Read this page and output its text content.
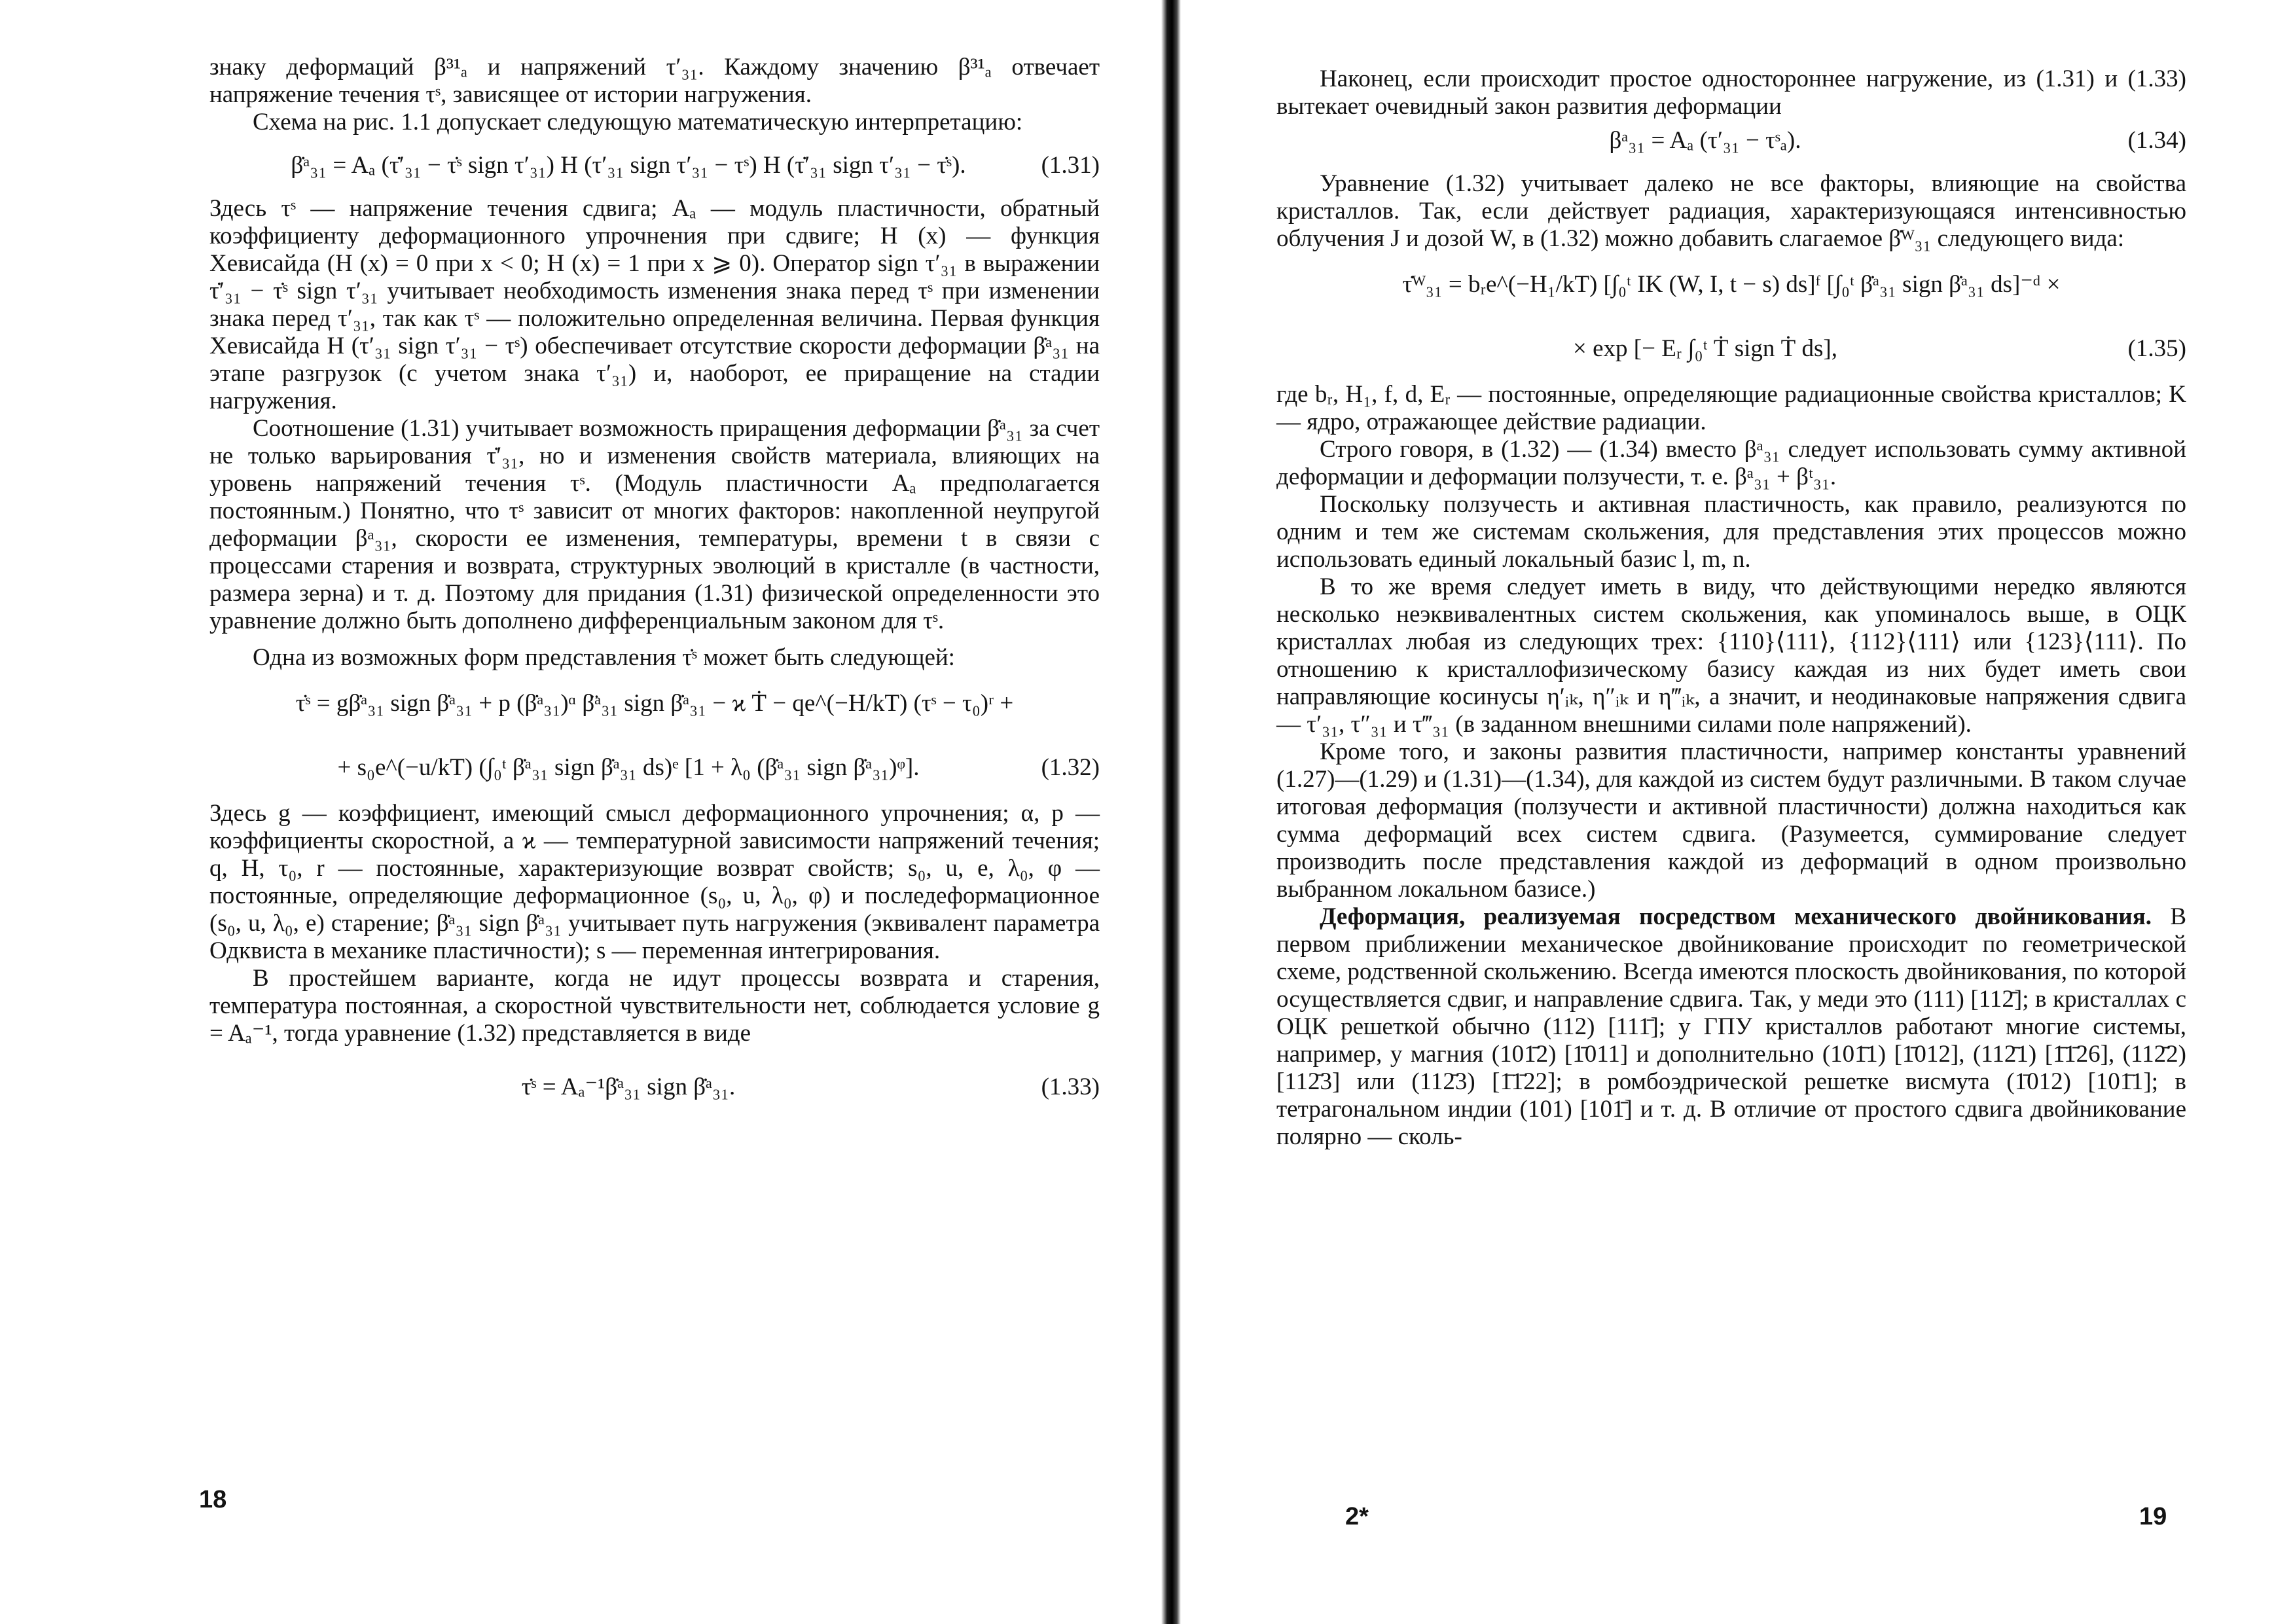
знаку деформаций β³¹ₐ и напряжений τ′₃₁. Каждому значению β³¹ₐ отвечает напряжение течения τˢ, зависящее от истории нагружения.

Схема на рис. 1.1 допускает следующую математическую интерпретацию:

β̇ᵃ₃₁ = Aₐ (τ̇′₃₁ − τ̇ˢ sign τ′₃₁) H (τ′₃₁ sign τ′₃₁ − τˢ) H (τ̇′₃₁ sign τ′₃₁ − τ̇ˢ).	(1.31)

Здесь τˢ — напряжение течения сдвига; Aₐ — модуль пластичности, обратный коэффициенту деформационного упрочнения при сдвиге; H (x) — функция Хевисайда (H (x) = 0 при x < 0; H (x) = 1 при x ⩾ 0). Оператор sign τ′₃₁ в выражении τ̇′₃₁ − τ̇ˢ sign τ′₃₁ учитывает необходимость изменения знака перед τˢ при изменении знака перед τ′₃₁, так как τˢ — положительно определенная величина. Первая функция Хевисайда H (τ′₃₁ sign τ′₃₁ − τˢ) обеспечивает отсутствие скорости деформации β̇ᵃ₃₁ на этапе разгрузок (с учетом знака τ′₃₁) и, наоборот, ее приращение на стадии нагружения.

Соотношение (1.31) учитывает возможность приращения деформации β̇ᵃ₃₁ за счет не только варьирования τ̇′₃₁, но и изменения свойств материала, влияющих на уровень напряжений течения τˢ. (Модуль пластичности Aₐ предполагается постоянным.) Понятно, что τˢ зависит от многих факторов: накопленной неупругой деформации βᵃ₃₁, скорости ее изменения, температуры, времени t в связи с процессами старения и возврата, структурных эволюций в кристалле (в частности, размера зерна) и т. д. Поэтому для придания (1.31) физической определенности это уравнение должно быть дополнено дифференциальным законом для τˢ.

Одна из возможных форм представления τ̇ˢ может быть следующей:

τ̇ˢ = gβ̇ᵃ₃₁ sign β̇ᵃ₃₁ + p (β̇ᵃ₃₁)ᵅ β̈ᵃ₃₁ sign β̇ᵃ₃₁ − ϰ Ṫ − qe^(−H/kT) (τˢ − τ₀)ʳ +
+ s₀e^(−u/kT) (∫₀ᵗ β̇ᵃ₃₁ sign β̇ᵃ₃₁ ds)ᵉ [1 + λ₀ (β̇ᵃ₃₁ sign β̇ᵃ₃₁)ᵠ].	(1.32)

Здесь g — коэффициент, имеющий смысл деформационного упрочнения; α, p — коэффициенты скоростной, а ϰ — температурной зависимости напряжений течения; q, H, τ₀, r — постоянные, характеризующие возврат свойств; s₀, u, e, λ₀, φ — постоянные, определяющие деформационное (s₀, u, λ₀, φ) и последеформационное (s₀, u, λ₀, e) старение; β̇ᵃ₃₁ sign β̇ᵃ₃₁ учитывает путь нагружения (эквивалент параметра Одквиста в механике пластичности); s — переменная интегрирования.

В простейшем варианте, когда не идут процессы возврата и старения, температура постоянная, а скоростной чувствительности нет, соблюдается условие g = Aₐ⁻¹, тогда уравнение (1.32) представляется в виде

τ̇ˢ = Aₐ⁻¹β̇ᵃ₃₁ sign β̇ᵃ₃₁.	(1.33)
18

Наконец, если происходит простое одностороннее нагружение, из (1.31) и (1.33) вытекает очевидный закон развития деформации

βᵃ₃₁ = Aₐ (τ′₃₁ − τˢₐ).	(1.34)

Уравнение (1.32) учитывает далеко не все факторы, влияющие на свойства кристаллов. Так, если действует радиация, характеризующаяся интенсивностью облучения J и дозой W, в (1.32) можно добавить слагаемое β̇ᵂ₃₁ следующего вида:

τ̇ᵂ₃₁ = bᵣe^(−H₁/kT) [∫₀ᵗ IK (W, I, t − s) ds]ᶠ [∫₀ᵗ β̇ᵃ₃₁ sign β̇ᵃ₃₁ ds]⁻ᵈ ×
× exp [− Eᵣ ∫₀ᵗ Ṫ sign Ṫ ds],	(1.35)

где bᵣ, H₁, f, d, Eᵣ — постоянные, определяющие радиационные свойства кристаллов; K — ядро, отражающее действие радиации.

Строго говоря, в (1.32) — (1.34) вместо βᵃ₃₁ следует использовать сумму активной деформации и деформации ползучести, т. е. βᵃ₃₁ + βᵗ₃₁.

Поскольку ползучесть и активная пластичность, как правило, реализуются по одним и тем же системам скольжения, для представления этих процессов можно использовать единый локальный базис l, m, n.

В то же время следует иметь в виду, что действующими нередко являются несколько неэквивалентных систем скольжения, как упоминалось выше, в ОЦК кристаллах любая из следующих трех: {110}⟨111⟩, {112}⟨111⟩ или {123}⟨111⟩. По отношению к кристаллофизическому базису каждая из них будет иметь свои направляющие косинусы η′ᵢₖ, η″ᵢₖ и η‴ᵢₖ, а значит, и неодинаковые напряжения сдвига — τ′₃₁, τ″₃₁ и τ‴₃₁ (в заданном внешними силами поле напряжений).

Кроме того, и законы развития пластичности, например константы уравнений (1.27)—(1.29) и (1.31)—(1.34), для каждой из систем будут различными. В таком случае итоговая деформация (ползучести и активной пластичности) должна находиться как сумма деформаций всех систем сдвига. (Разумеется, суммирование следует производить после представления каждой из деформаций в одном произвольно выбранном локальном базисе.)

Деформация, реализуемая посредством механического двойникования. В первом приближении механическое двойникование происходит по геометрической схеме, родственной скольжению. Всегда имеются плоскость двойникования, по которой осуществляется сдвиг, и направление сдвига. Так, у меди это (111) [112̄]; в кристаллах с ОЦК решеткой обычно (112) [111̄]; у ГПУ кристаллов работают многие системы, например, у магния (101̄2) [1̄011] и дополнительно (101̄1) [1̄012], (112̄1) [1̄1̄26], (112̄2) [112̄3] или (112̄3) [1̄1̄22]; в ромбоэдрической решетке висмута (1̄012) [101̄1]; в тетрагональном индии (101) [101̄] и т. д. В отличие от простого сдвига двойникование полярно — сколь-

2*	19
